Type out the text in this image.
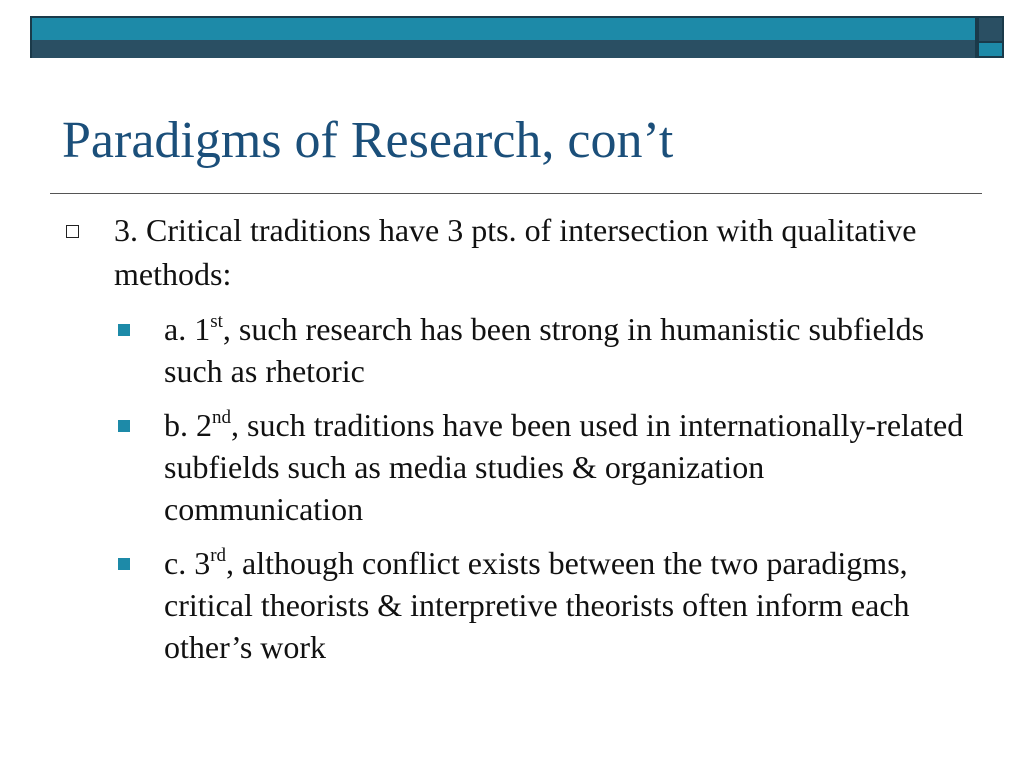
Paradigms of Research, con’t
3. Critical traditions have 3 pts. of intersection with qualitative methods:
a. 1st, such research has been strong in humanistic subfields such as rhetoric
b. 2nd, such traditions have been used in internationally-related subfields such as media studies & organization communication
c. 3rd, although conflict exists between the two paradigms, critical theorists & interpretive theorists often inform each other’s work
